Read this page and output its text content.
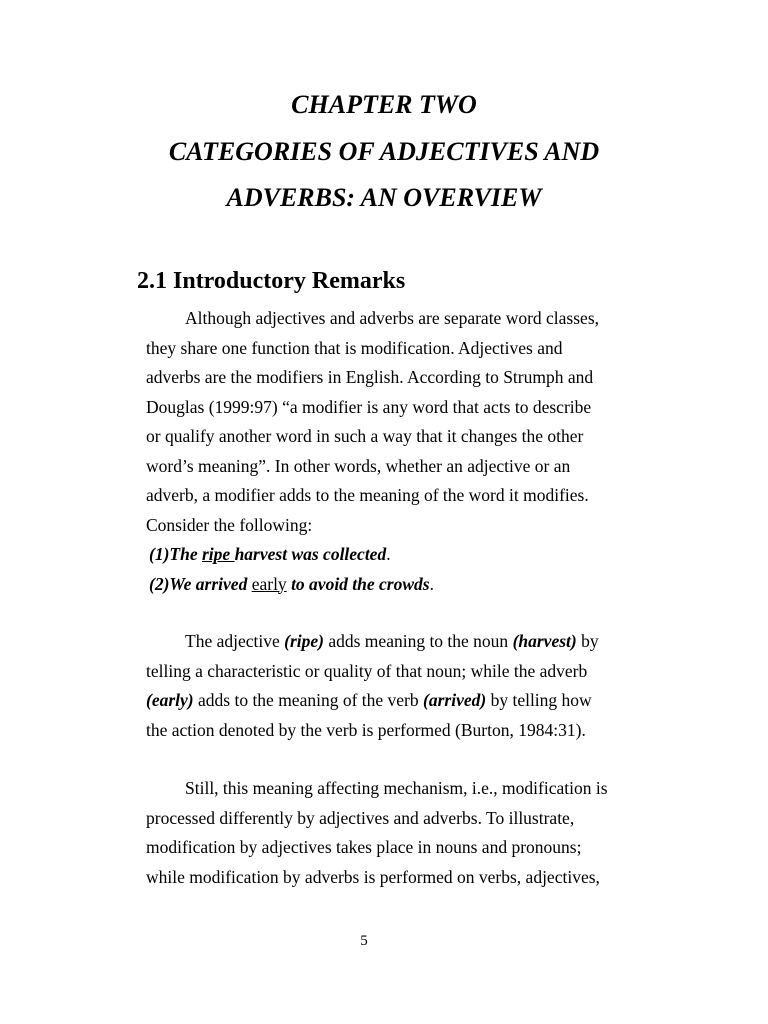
CHAPTER TWO
CATEGORIES OF ADJECTIVES AND
ADVERBS: AN OVERVIEW
2.1 Introductory Remarks
Although adjectives and adverbs are separate word classes,
they share one function that is modification. Adjectives and
adverbs are the modifiers in English. According to Strumph and
Douglas (1999:97) “a modifier is any word that acts to describe
or qualify another word in such a way that it changes the other
word’s meaning”. In other words, whether an adjective or an
adverb, a modifier adds to the meaning of the word it modifies.
Consider the following:
(1)The ripe harvest was collected.
(2)We arrived early to avoid the crowds.
The adjective (ripe) adds meaning to the noun (harvest) by
telling a characteristic or quality of that noun; while the adverb
(early) adds to the meaning of the verb (arrived) by telling how
the action denoted by the verb is performed (Burton, 1984:31).
Still, this meaning affecting mechanism, i.e., modification is
processed differently by adjectives and adverbs. To illustrate,
modification by adjectives takes place in nouns and pronouns;
while modification by adverbs is performed on verbs, adjectives,
5
